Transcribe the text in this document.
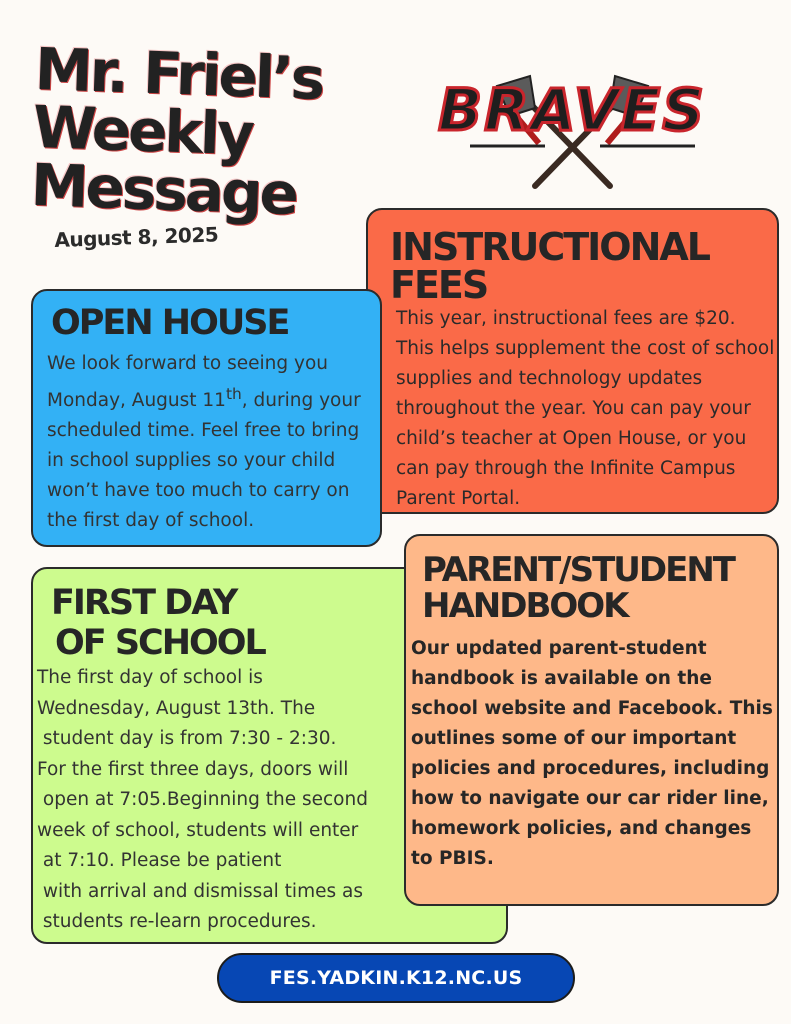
Mr. Friel’s
Weekly
Message
August 8, 2025
BRAVES
INSTRUCTIONAL
FEES

This year, instructional fees are $20. This helps supplement the cost of school supplies and technology updates throughout the year. You can pay your child’s teacher at Open House, or you can pay through the Infinite Campus Parent Portal.

OPEN HOUSE

We look forward to seeing you Monday, August 11th, during your scheduled time. Feel free to bring in school supplies so your child won’t have too much to carry on the first day of school.

FIRST DAY
OF SCHOOL

The first day of school is
Wednesday, August 13th. The
student day is from 7:30 - 2:30.
For the first three days, doors will
open at 7:05.Beginning the second
week of school, students will enter
at 7:10. Please be patient
with arrival and dismissal times as
students re-learn procedures.

PARENT/STUDENT
HANDBOOK

Our updated parent-student handbook is available on the school website and Facebook. This outlines some of our important policies and procedures, including how to navigate our car rider line, homework policies, and changes to PBIS.

FES.YADKIN.K12.NC.US
